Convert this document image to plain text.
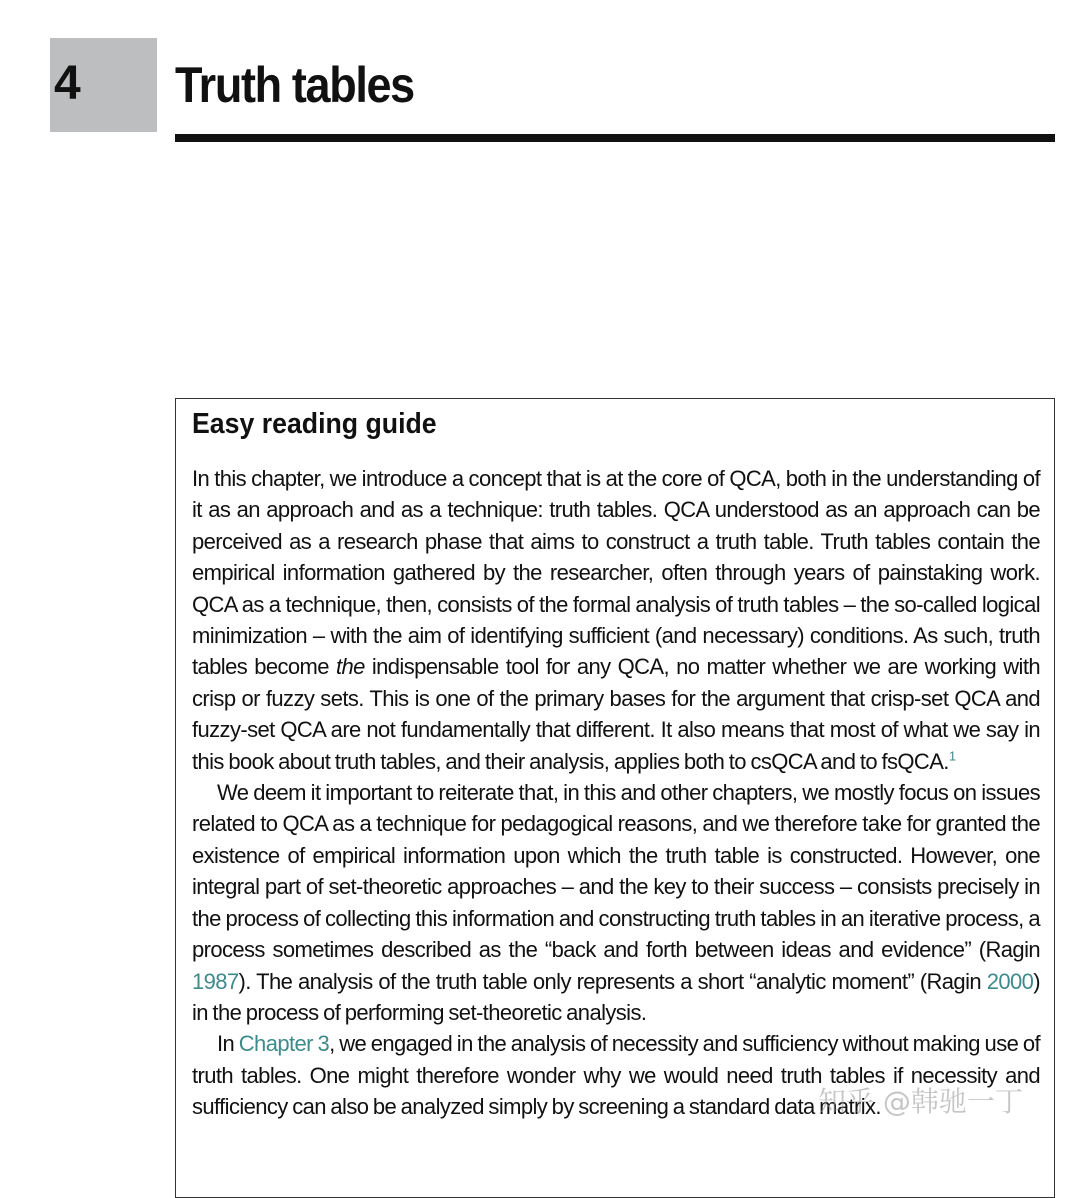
4 Truth tables
Easy reading guide

In this chapter, we introduce a concept that is at the core of QCA, both in the understanding of it as an approach and as a technique: truth tables. QCA understood as an approach can be perceived as a research phase that aims to construct a truth table. Truth tables contain the empirical information gathered by the researcher, often through years of painstaking work. QCA as a technique, then, consists of the formal analysis of truth tables – the so-called logical minimization – with the aim of identifying sufficient (and necessary) conditions. As such, truth tables become the indispensable tool for any QCA, no matter whether we are working with crisp or fuzzy sets. This is one of the primary bases for the argument that crisp-set QCA and fuzzy-set QCA are not fundamentally that different. It also means that most of what we say in this book about truth tables, and their analysis, applies both to csQCA and to fsQCA.$^1$

We deem it important to reiterate that, in this and other chapters, we mostly focus on issues related to QCA as a technique for pedagogical reasons, and we therefore take for granted the existence of empirical information upon which the truth table is constructed. However, one integral part of set-theoretic approaches – and the key to their success – consists precisely in the process of collecting this information and constructing truth tables in an iterative process, a process sometimes described as the “back and forth between ideas and evidence” (Ragin 1987). The analysis of the truth table only represents a short “analytic moment” (Ragin 2000) in the process of performing set-theoretic analysis.

In Chapter 3, we engaged in the analysis of necessity and sufficiency without making use of truth tables. One might therefore wonder why we would need truth tables if necessity and sufficiency can also be analyzed simply by screening a standard data matrix.

知乎 @韩驰一丁
